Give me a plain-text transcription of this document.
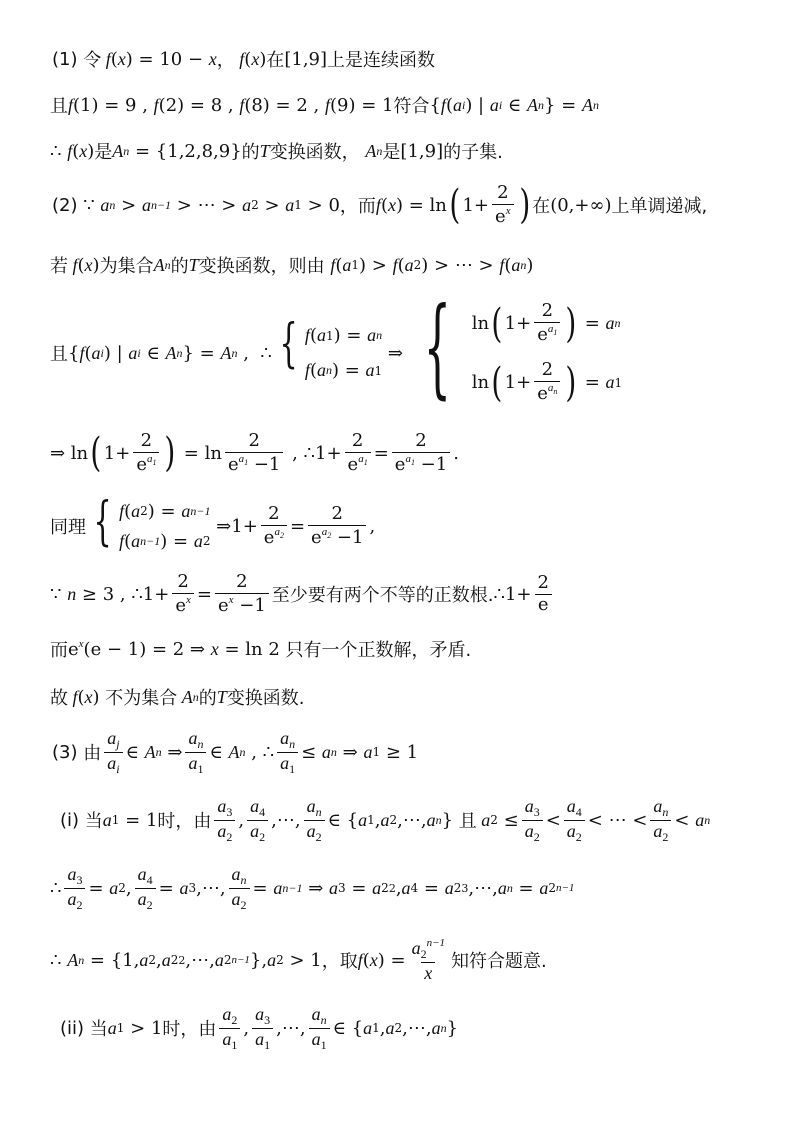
(1)
令 f ( x ) = 10 − x ， f ( x ) 在 [1,9] 上是连续函数
且 f (1) = 9 , f (2) = 8 , f (8) = 2 , f (9) = 1 符合 { f ( a i ) | a i ∈ A n } = A n
∴ f ( x ) 是 A n = {1,2,8,9} 的 T 变换函数，
A n 是 [1,9] 的子集.
(2)
∵ a n > a n−1 > ⋯ > a 2 > a 1 > 0 ，而 f ( x ) = ln ( $1+ \frac{2}{e^x}$ ) 在 (0,+∞) 上单调递减,
若 f ( x ) 为集合 A n 的 T 变换函数，则由
f ( a 1 ) > f ( a 2 ) > ⋯ > f ( a n )
且 { f ( a i ) | a i ∈ A n } = A n ,  ∴ { f ( a 1 ) = a n
f ( a n ) = a 1
⇒ { ln ( $1+ \frac{2}{e^{a_1}}$ ) = a n
ln ( $1+ \frac{2}{e^{a_n}}$ ) = a 1
⇒ ln ( $1+ \frac{2}{e^{a_1}}$ ) = $\ln \frac{2}{e^{a_1} -1}$ , ∴1+ $\frac{2}{e^{a_1}} = \frac{2}{e^{a_1} -1}$ .
同理 { f ( a 2 ) = a n−1
f ( a n−1 ) = a 2
⇒1+ $\frac{2}{e^{a_2}} = \frac{2}{e^{a_2} -1}$ ,
∵ n ≥ 3 , ∴1+ $\frac{2}{e^x} = \frac{2}{e^x -1}$ 至少要有两个不等的正数根. ∴1+ $\frac{2}{e}$
而 $e^x(e - 1) = 2$ ⇒ x = ln 2 只有一个正数解，矛盾.
故 f ( x ) 不为集合 A n 的 T 变换函数.
(3)
由 $\frac{a_j}{a_i}$ ∈ A n ⇒ $\frac{a_n}{a_1}$ ∈ A n , ∴ $\frac{a_n}{a_1} \le a$ n ⇒ a 1 ≥ 1
(i)
当 a 1 = 1 时，由 $\frac{a_3}{a_2}$ , $\frac{a_4}{a_2}$ ,⋯, $\frac{a_n}{a_2}$ ∈ { a 1 , a 2 ,⋯, a n } 且 a $2 \le \frac{a_3}{a_2} < \frac{a_4}{a_2}$ < ⋯ < $\frac{a_n}{a_2} < a$ n
∴ $\frac{a_3}{a_2} = a$ 2 , $\frac{a_4}{a_2} = a$ 3 ,⋯, $\frac{a_n}{a_2} = a$ n−1 ⇒ a 3 = a 2 2 , a 4 = a 2 3 ,⋯, a n = a 2 n−1
∴ A n = {1, a 2 , a 2 2 ,⋯, a 2 n−1 }, a 2 > 1 ，取 f ( x ) = $\frac{a_2^{n-1}}{x}$ 知符合题意.
(ii)
当 a 1 > 1 时，由 $\frac{a_2}{a_1}$ , $\frac{a_3}{a_1}$ ,⋯, $\frac{a_n}{a_1}$ ∈ { a 1 , a 2 ,⋯, a n }
